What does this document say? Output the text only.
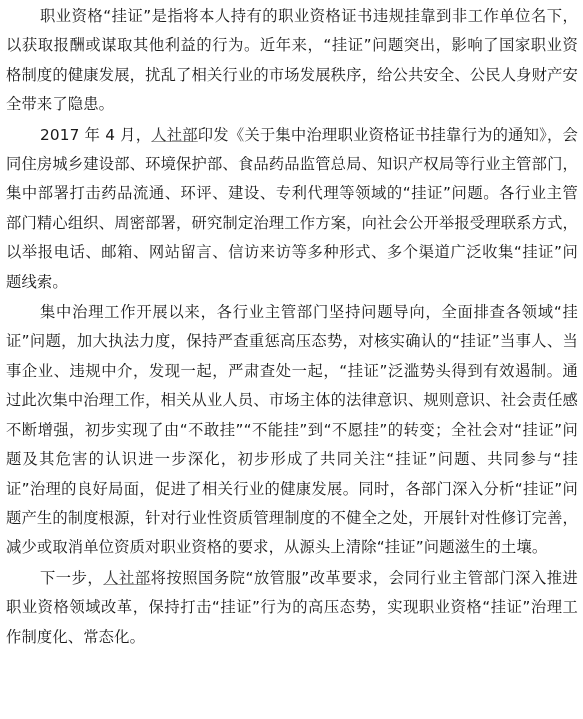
职业资格“挂证”是指将本人持有的职业资格证书违规挂靠到非工作单位名下，以获取报酬或谋取其他利益的行为。近年来，“挂证”问题突出，影响了国家职业资格制度的健康发展，扰乱了相关行业的市场发展秩序，给公共安全、公民人身财产安全带来了隐患。

2017 年 4 月，人社部印发《关于集中治理职业资格证书挂靠行为的通知》，会同住房城乡建设部、环境保护部、食品药品监管总局、知识产权局等行业主管部门，集中部署打击药品流通、环评、建设、专利代理等领域的“挂证”问题。各行业主管部门精心组织、周密部署，研究制定治理工作方案，向社会公开举报受理联系方式，以举报电话、邮箱、网站留言、信访来访等多种形式、多个渠道广泛收集“挂证”问题线索。

集中治理工作开展以来，各行业主管部门坚持问题导向，全面排查各领域“挂证”问题，加大执法力度，保持严查重惩高压态势，对核实确认的“挂证”当事人、当事企业、违规中介，发现一起，严肃查处一起，“挂证”泛滥势头得到有效遏制。通过此次集中治理工作，相关从业人员、市场主体的法律意识、规则意识、社会责任感不断增强，初步实现了由“不敢挂”“不能挂”到“不愿挂”的转变；全社会对“挂证”问题及其危害的认识进一步深化，初步形成了共同关注“挂证”问题、共同参与“挂证”治理的良好局面，促进了相关行业的健康发展。同时，各部门深入分析“挂证”问题产生的制度根源，针对行业性资质管理制度的不健全之处，开展针对性修订完善，减少或取消单位资质对职业资格的要求，从源头上清除“挂证”问题滋生的土壤。

下一步，人社部将按照国务院“放管服”改革要求，会同行业主管部门深入推进职业资格领域改革，保持打击“挂证”行为的高压态势，实现职业资格“挂证”治理工作制度化、常态化。
